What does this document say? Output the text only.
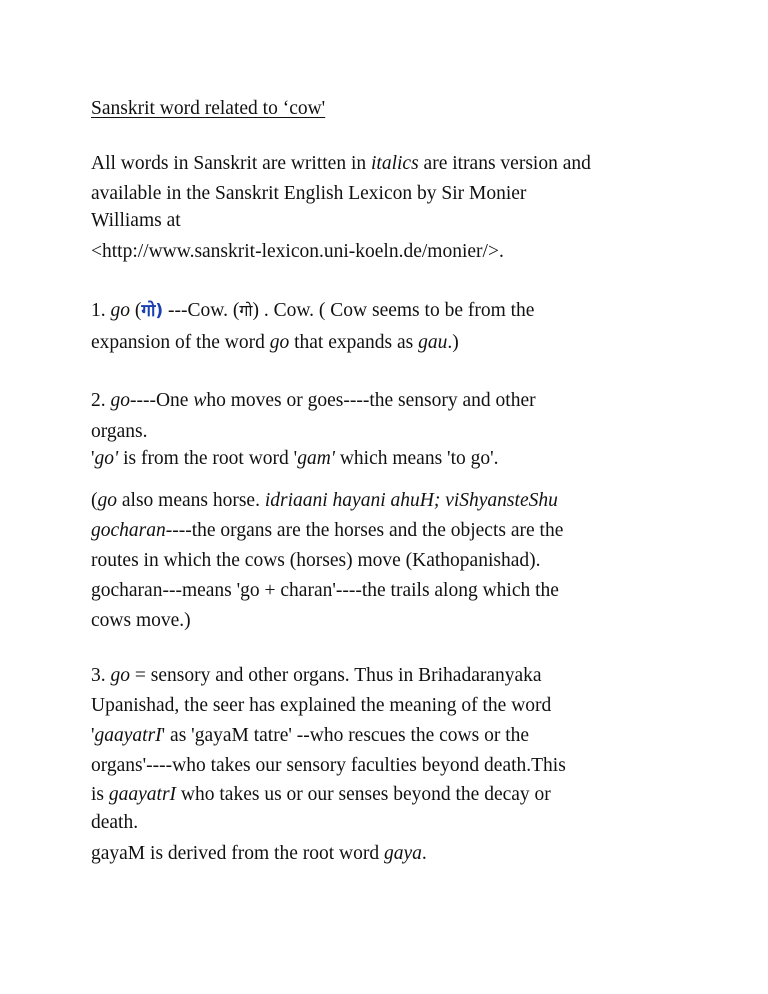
Sanskrit word related to ‘cow'
All words in Sanskrit are written in italics are itrans version and
available in the Sanskrit English Lexicon by Sir Monier
Williams at
<http://www.sanskrit-lexicon.uni-koeln.de/monier/>.
1. go (गो) ---Cow. (गो) . Cow. ( Cow seems to be from the
expansion of the word go that expands as gau.)
2. go----One who moves or goes----the sensory and other
organs.
'go' is from the root word 'gam' which means 'to go'.
(go also means horse. idriaani hayani ahuH; viShyansteShu
gocharan----the organs are the horses and the objects are the
routes in which the cows (horses) move (Kathopanishad).
gocharan---means 'go + charan'----the trails along which the
cows move.)
3. go = sensory and other organs. Thus in Brihadaranyaka
Upanishad, the seer has explained the meaning of the word
'gaayatrI' as 'gayaM tatre' --who rescues the cows or the
organs'----who takes our sensory faculties beyond death.This
is gaayatrI who takes us or our senses beyond the decay or
death.
gayaM is derived from the root word gaya.
